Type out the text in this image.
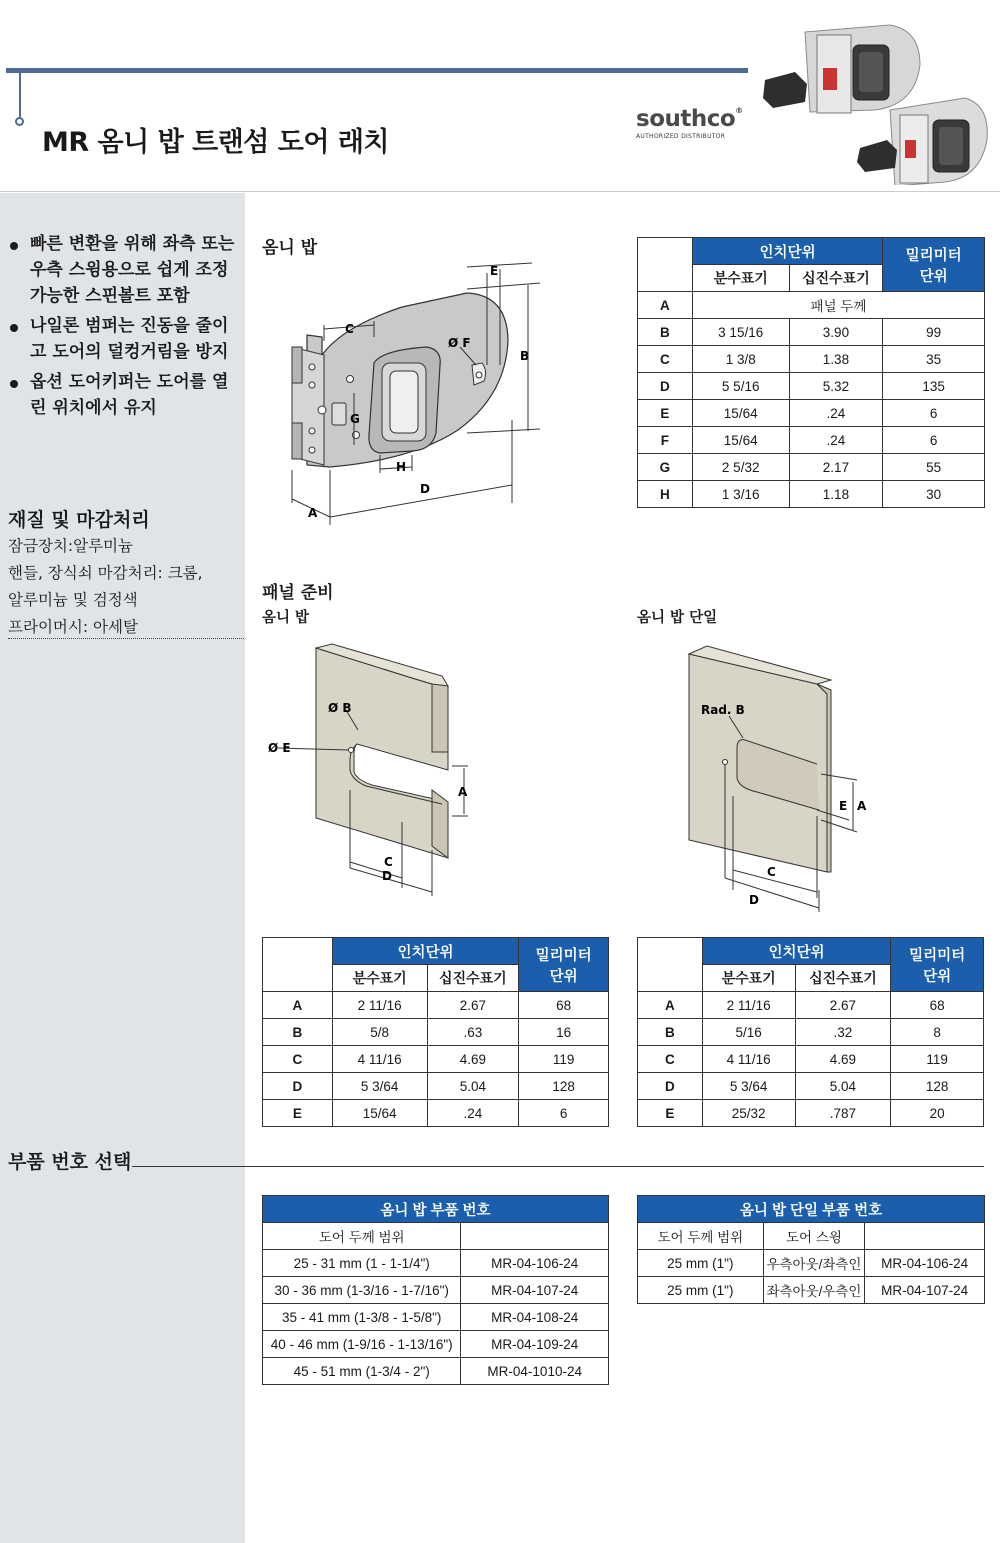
MR 옴니 밥 트랜섬 도어 래치
southco®
AUTHORIZED DISTRIBUTOR
빠른 변환을 위해 좌측 또는 우측 스윙용으로 쉽게 조정 가능한 스핀볼트 포함
나일론 범퍼는 진동을 줄이고 도어의 덜컹거림을 방지
옵션 도어키퍼는 도어를 열린 위치에서 유지
재질 및 마감처리
잠금장치:알루미늄
핸들, 장식쇠 마감처리: 크롬,
알루미늄 및 검정색
프라이머시: 아세탈
옴니 밥
C
E
B
Ø F
G
H
D
A
	인치단위		밀리미터
단위
	분수표기	십진수표기	
A	패널 두께		
B	3 15/16	3.90	99
C	1 3/8	1.38	35
D	5 5/16	5.32	135
E	15/64	.24	6
F	15/64	.24	6
G	2 5/32	2.17	55
H	1 3/16	1.18	30
패널 준비
옴니 밥	옴니 밥 단일
Ø B
Ø E
A
C
D
Rad. B
E A
C
D
	인치단위		밀리미터
단위
	분수표기	십진수표기	
A	2 11/16	2.67	68
B	5/8	.63	16
C	4 11/16	4.69	119
D	5 3/64	5.04	128
E	15/64	.24	6
	인치단위		밀리미터
단위
	분수표기	십진수표기	
A	2 11/16	2.67	68
B	5/16	.32	8
C	4 11/16	4.69	119
D	5 3/64	5.04	128
E	25/32	.787	20
부품 번호 선택
옴니 밥 부품 번호	
도어 두께 범위	
25 - 31 mm (1 - 1-1/4")	MR-04-106-24
30 - 36 mm (1-3/16 - 1-7/16")	MR-04-107-24
35 - 41 mm (1-3/8 - 1-5/8")	MR-04-108-24
40 - 46 mm (1-9/16 - 1-13/16")	MR-04-109-24
45 - 51 mm (1-3/4 - 2")	MR-04-1010-24
옴니 밥 단일 부품 번호		
도어 두께 범위	도어 스윙	
25 mm (1")	우측아웃/좌측인	MR-04-106-24
25 mm (1")	좌측아웃/우측인	MR-04-107-24
